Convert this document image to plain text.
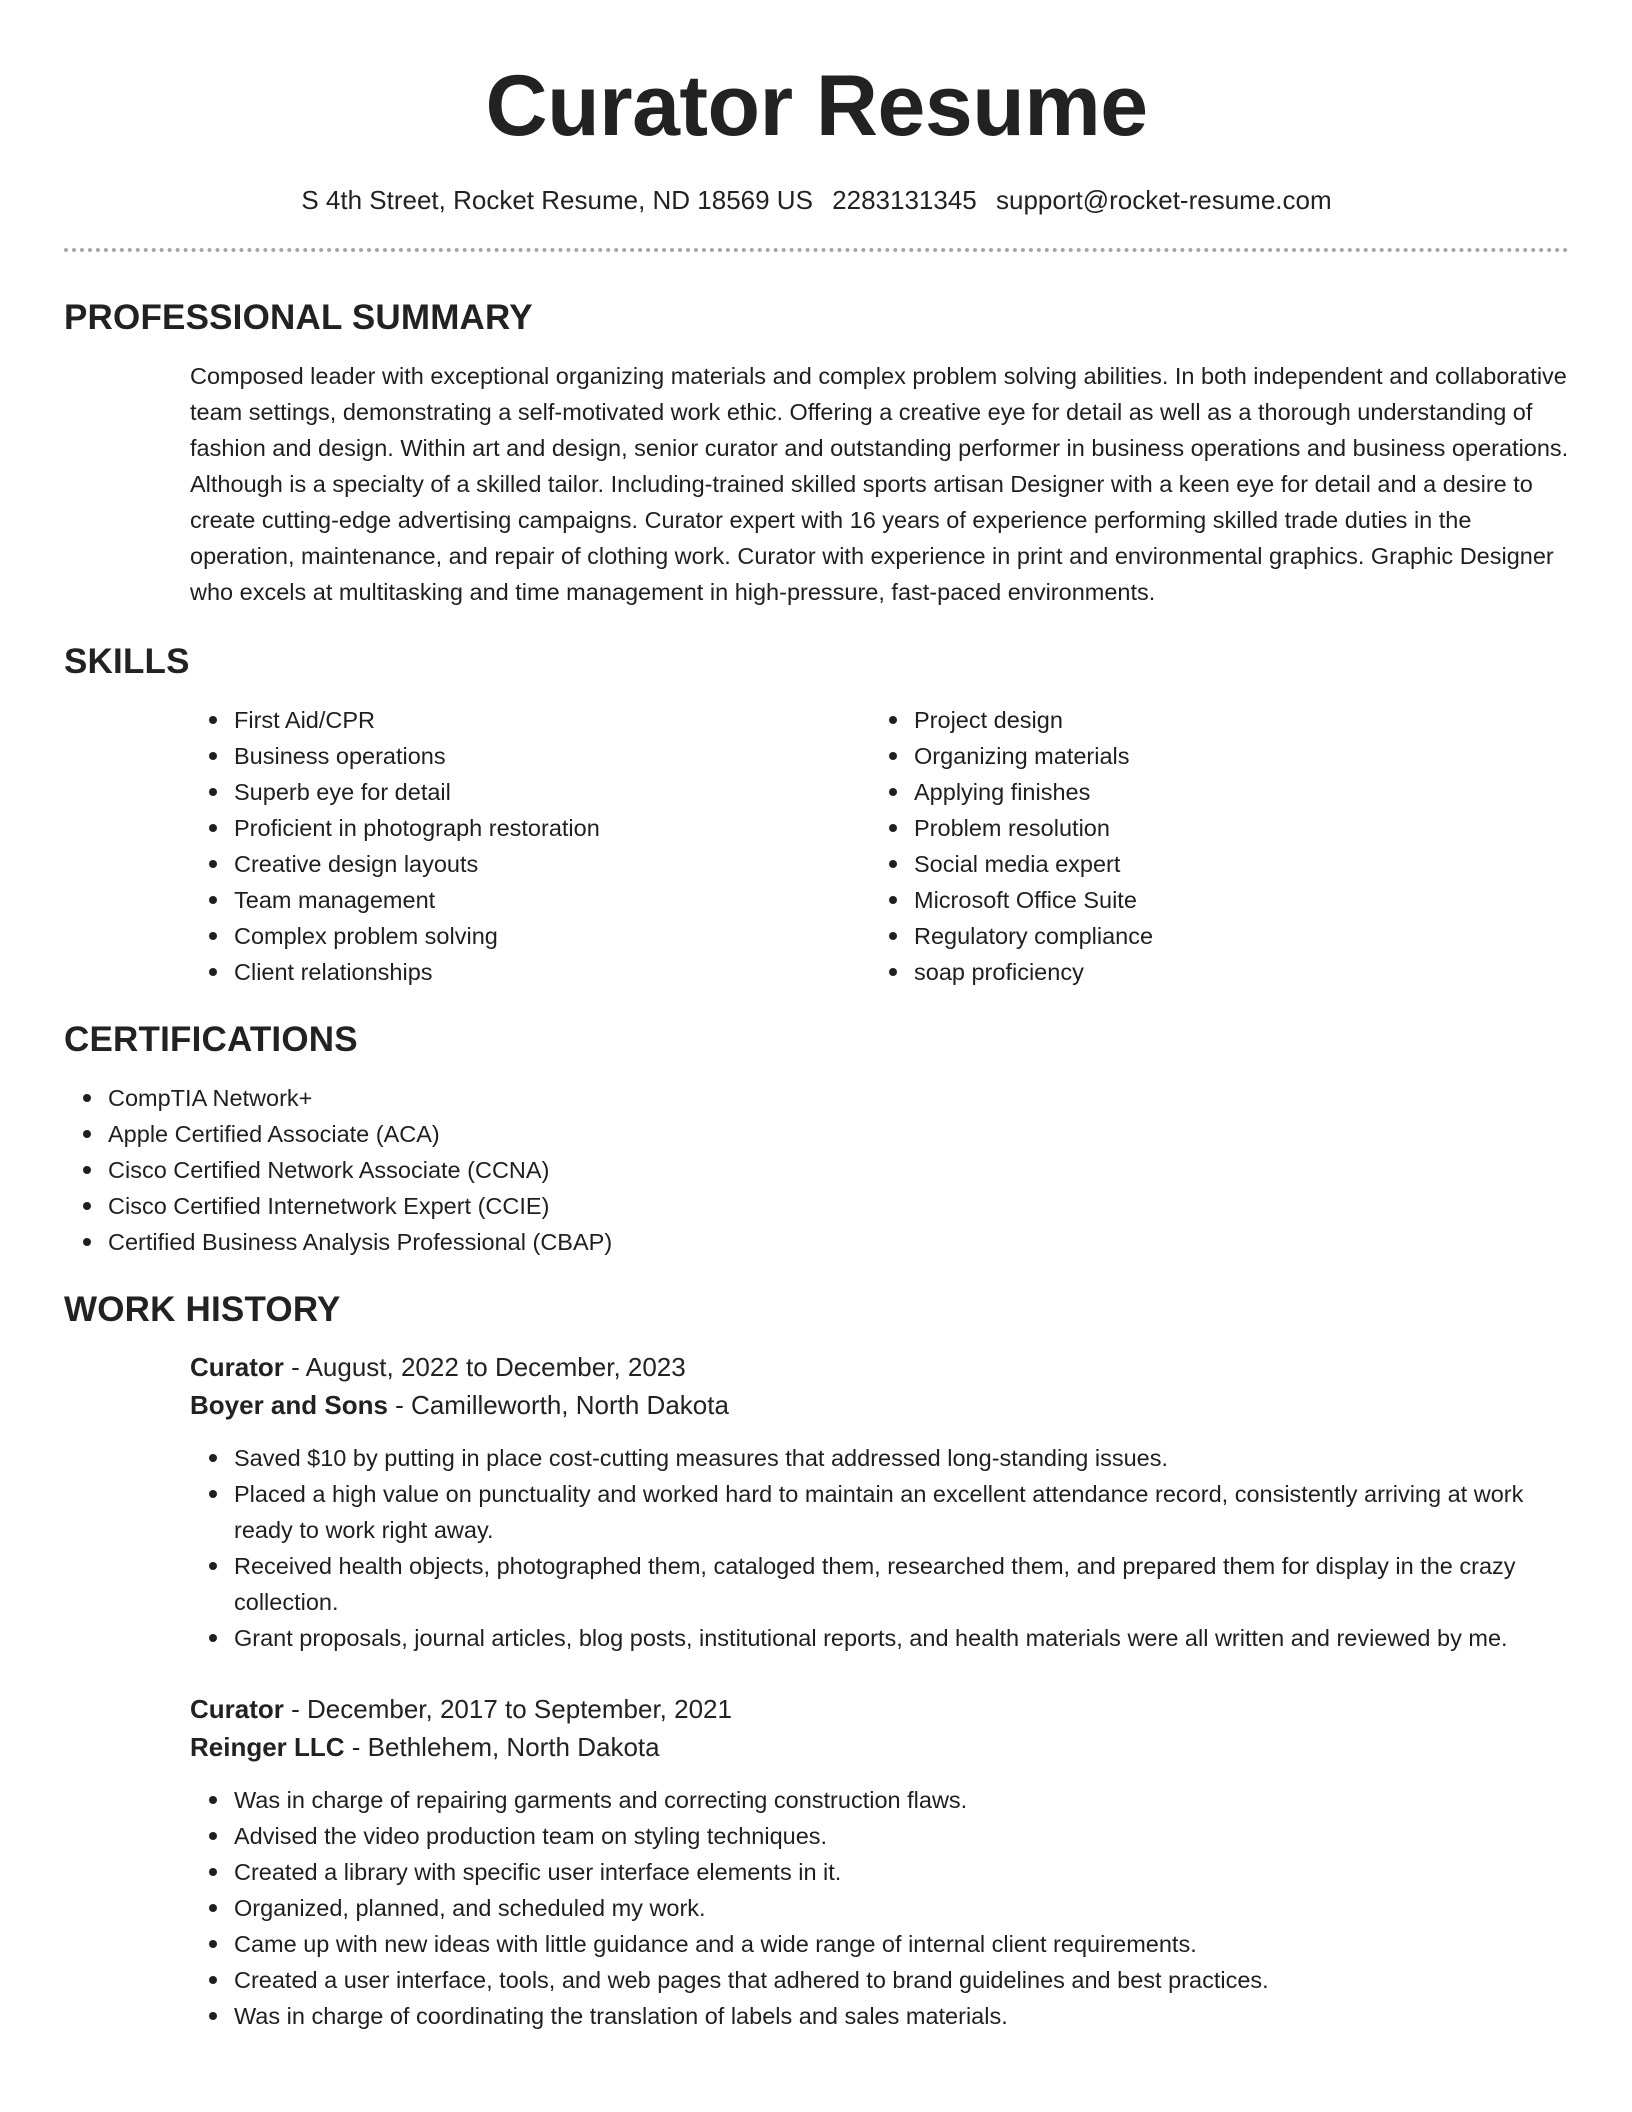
Curator Resume
S 4th Street, Rocket Resume, ND 18569 US 2283131345 support@rocket-resume.com
PROFESSIONAL SUMMARY

Composed leader with exceptional organizing materials and complex problem solving abilities. In both independent and collaborative team settings, demonstrating a self-motivated work ethic. Offering a creative eye for detail as well as a thorough understanding of fashion and design. Within art and design, senior curator and outstanding performer in business operations and business operations. Although is a specialty of a skilled tailor. Including-trained skilled sports artisan Designer with a keen eye for detail and a desire to create cutting-edge advertising campaigns. Curator expert with 16 years of experience performing skilled trade duties in the operation, maintenance, and repair of clothing work. Curator with experience in print and environmental graphics. Graphic Designer who excels at multitasking and time management in high-pressure, fast-paced environments.

SKILLS
First Aid/CPR
Business operations
Superb eye for detail
Proficient in photograph restoration
Creative design layouts
Team management
Complex problem solving
Client relationships
Project design
Organizing materials
Applying finishes
Problem resolution
Social media expert
Microsoft Office Suite
Regulatory compliance
soap proficiency
CERTIFICATIONS
CompTIA Network+
Apple Certified Associate (ACA)
Cisco Certified Network Associate (CCNA)
Cisco Certified Internetwork Expert (CCIE)
Certified Business Analysis Professional (CBAP)
WORK HISTORY
Curator - August, 2022 to December, 2023
Boyer and Sons - Camilleworth, North Dakota
Saved $10 by putting in place cost-cutting measures that addressed long-standing issues.
Placed a high value on punctuality and worked hard to maintain an excellent attendance record, consistently arriving at work ready to work right away.
Received health objects, photographed them, cataloged them, researched them, and prepared them for display in the crazy collection.
Grant proposals, journal articles, blog posts, institutional reports, and health materials were all written and reviewed by me.
Curator - December, 2017 to September, 2021
Reinger LLC - Bethlehem, North Dakota
Was in charge of repairing garments and correcting construction flaws.
Advised the video production team on styling techniques.
Created a library with specific user interface elements in it.
Organized, planned, and scheduled my work.
Came up with new ideas with little guidance and a wide range of internal client requirements.
Created a user interface, tools, and web pages that adhered to brand guidelines and best practices.
Was in charge of coordinating the translation of labels and sales materials.
